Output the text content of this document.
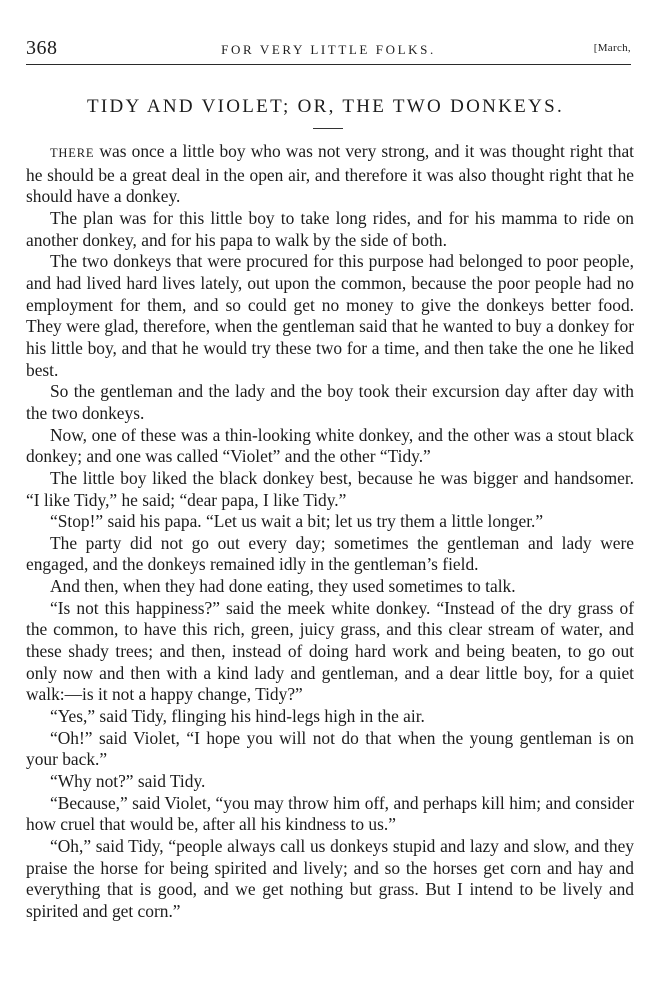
368	FOR VERY LITTLE FOLKS.	[March,
TIDY AND VIOLET; OR, THE TWO DONKEYS.

THERE was once a little boy who was not very strong, and it was thought right that he should be a great deal in the open air, and therefore it was also thought right that he should have a donkey.

The plan was for this little boy to take long rides, and for his mamma to ride on another donkey, and for his papa to walk by the side of both.

The two donkeys that were procured for this purpose had belonged to poor people, and had lived hard lives lately, out upon the common, because the poor people had no employment for them, and so could get no money to give the donkeys better food. They were glad, therefore, when the gentleman said that he wanted to buy a donkey for his little boy, and that he would try these two for a time, and then take the one he liked best.

So the gentleman and the lady and the boy took their excursion day after day with the two donkeys.

Now, one of these was a thin-looking white donkey, and the other was a stout black donkey; and one was called “Violet” and the other “Tidy.”

The little boy liked the black donkey best, because he was bigger and handsomer. “I like Tidy,” he said; “dear papa, I like Tidy.”

“Stop!” said his papa. “Let us wait a bit; let us try them a little longer.”

The party did not go out every day; sometimes the gentleman and lady were engaged, and the donkeys remained idly in the gentleman’s field.

And then, when they had done eating, they used sometimes to talk.

“Is not this happiness?” said the meek white donkey. “Instead of the dry grass of the common, to have this rich, green, juicy grass, and this clear stream of water, and these shady trees; and then, instead of doing hard work and being beaten, to go out only now and then with a kind lady and gentleman, and a dear little boy, for a quiet walk:—is it not a happy change, Tidy?”

“Yes,” said Tidy, flinging his hind-legs high in the air.

“Oh!” said Violet, “I hope you will not do that when the young gentleman is on your back.”

“Why not?” said Tidy.

“Because,” said Violet, “you may throw him off, and perhaps kill him; and consider how cruel that would be, after all his kindness to us.”

“Oh,” said Tidy, “people always call us donkeys stupid and lazy and slow, and they praise the horse for being spirited and lively; and so the horses get corn and hay and everything that is good, and we get nothing but grass. But I intend to be lively and spirited and get corn.”
